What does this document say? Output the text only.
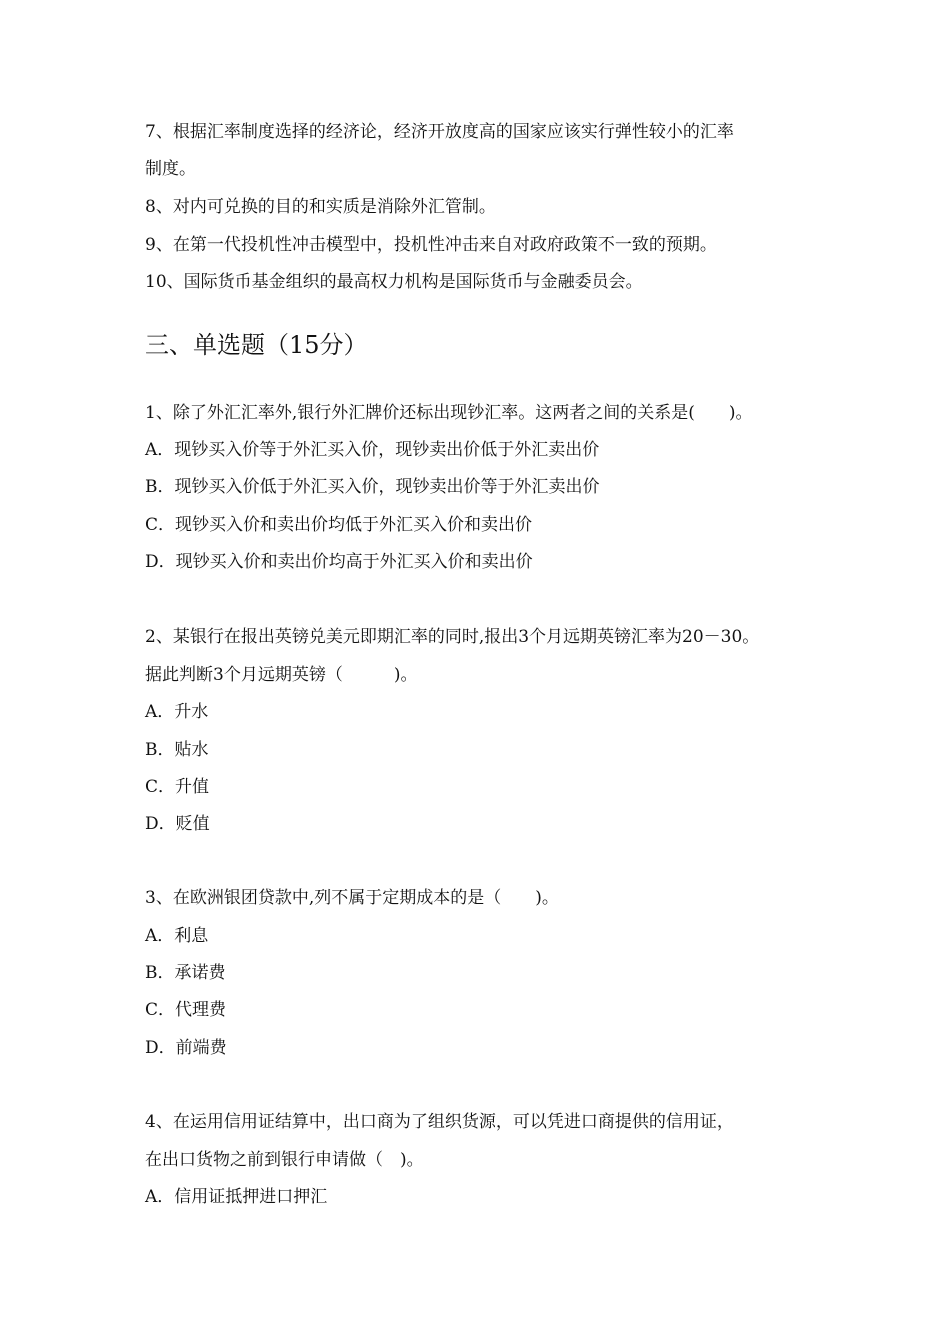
7、根据汇率制度选择的经济论，经济开放度高的国家应该实行弹性较小的汇率
制度。
8、对内可兑换的目的和实质是消除外汇管制。
9、在第一代投机性冲击模型中，投机性冲击来自对政府政策不一致的预期。
10、国际货币基金组织的最高权力机构是国际货币与金融委员会。
三、单选题（15分）
1、除了外汇汇率外,银行外汇牌价还标出现钞汇率。这两者之间的关系是(　　)。
A．现钞买入价等于外汇买入价，现钞卖出价低于外汇卖出价
B．现钞买入价低于外汇买入价，现钞卖出价等于外汇卖出价
C．现钞买入价和卖出价均低于外汇买入价和卖出价
D．现钞买入价和卖出价均高于外汇买入价和卖出价
2、某银行在报出英镑兑美元即期汇率的同时,报出3个月远期英镑汇率为20－30。
据此判断3个月远期英镑（　　　)。
A．升水
B．贴水
C．升值
D．贬值
3、在欧洲银团贷款中,列不属于定期成本的是（　　)。
A．利息
B．承诺费
C．代理费
D．前端费
4、在运用信用证结算中，出口商为了组织货源，可以凭进口商提供的信用证，
在出口货物之前到银行申请做（　)。
A．信用证抵押进口押汇
